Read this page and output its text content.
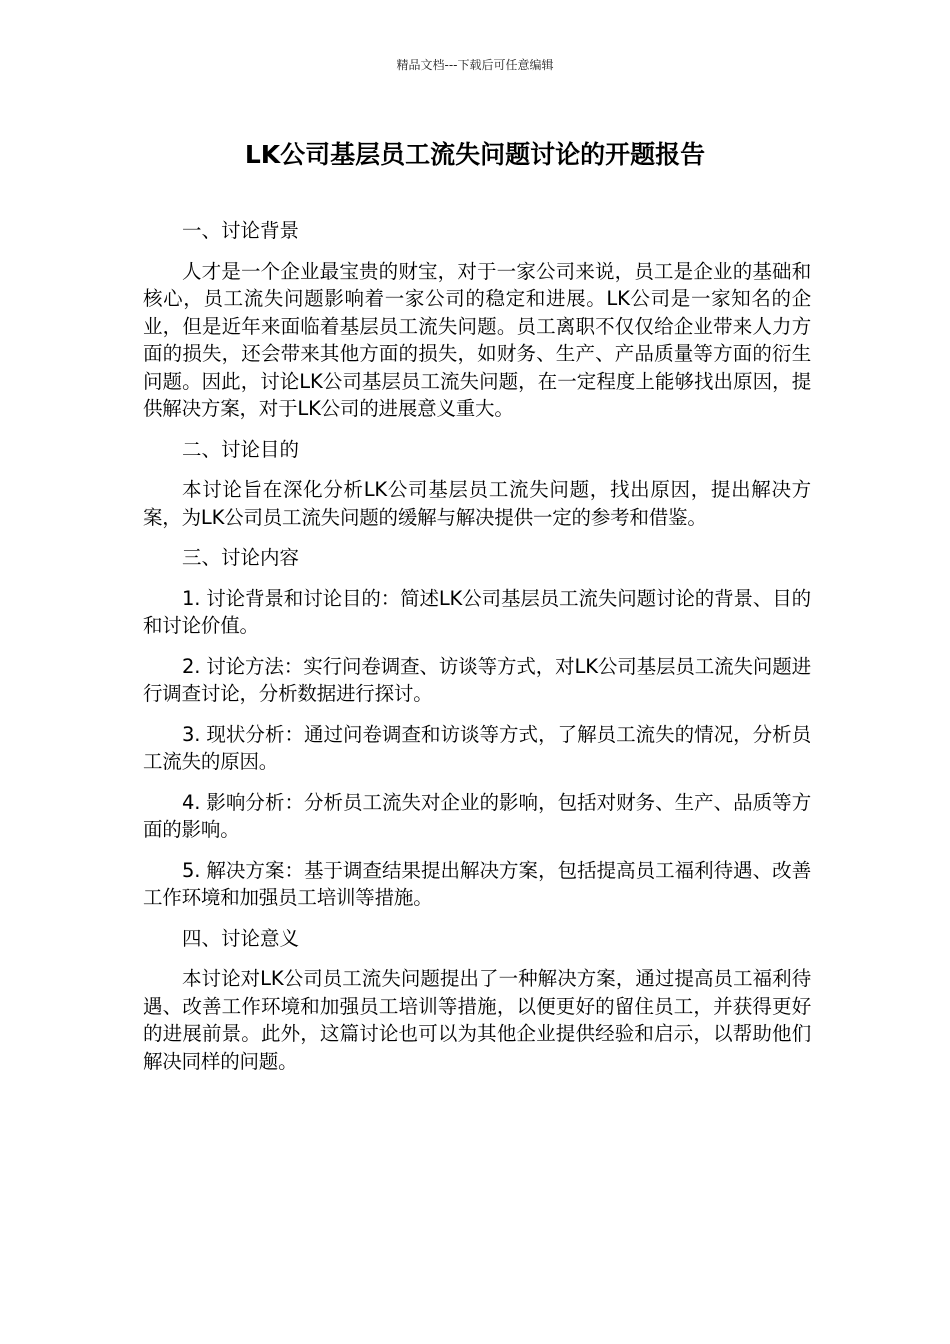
精品文档---下载后可任意编辑
LK公司基层员工流失问题讨论的开题报告
一、讨论背景

人才是一个企业最宝贵的财宝，对于一家公司来说，员工是企业的基础和核心，员工流失问题影响着一家公司的稳定和进展。LK公司是一家知名的企业，但是近年来面临着基层员工流失问题。员工离职不仅仅给企业带来人力方面的损失，还会带来其他方面的损失，如财务、生产、产品质量等方面的衍生问题。因此，讨论LK公司基层员工流失问题，在一定程度上能够找出原因，提供解决方案，对于LK公司的进展意义重大。

二、讨论目的

本讨论旨在深化分析LK公司基层员工流失问题，找出原因，提出解决方案，为LK公司员工流失问题的缓解与解决提供一定的参考和借鉴。

三、讨论内容

1. 讨论背景和讨论目的：简述LK公司基层员工流失问题讨论的背景、目的和讨论价值。

2. 讨论方法：实行问卷调查、访谈等方式，对LK公司基层员工流失问题进行调查讨论，分析数据进行探讨。

3. 现状分析：通过问卷调查和访谈等方式，了解员工流失的情况，分析员工流失的原因。

4. 影响分析：分析员工流失对企业的影响，包括对财务、生产、品质等方面的影响。

5. 解决方案：基于调查结果提出解决方案，包括提高员工福利待遇、改善工作环境和加强员工培训等措施。

四、讨论意义

本讨论对LK公司员工流失问题提出了一种解决方案，通过提高员工福利待遇、改善工作环境和加强员工培训等措施，以便更好的留住员工，并获得更好的进展前景。此外，这篇讨论也可以为其他企业提供经验和启示，以帮助他们解决同样的问题。
